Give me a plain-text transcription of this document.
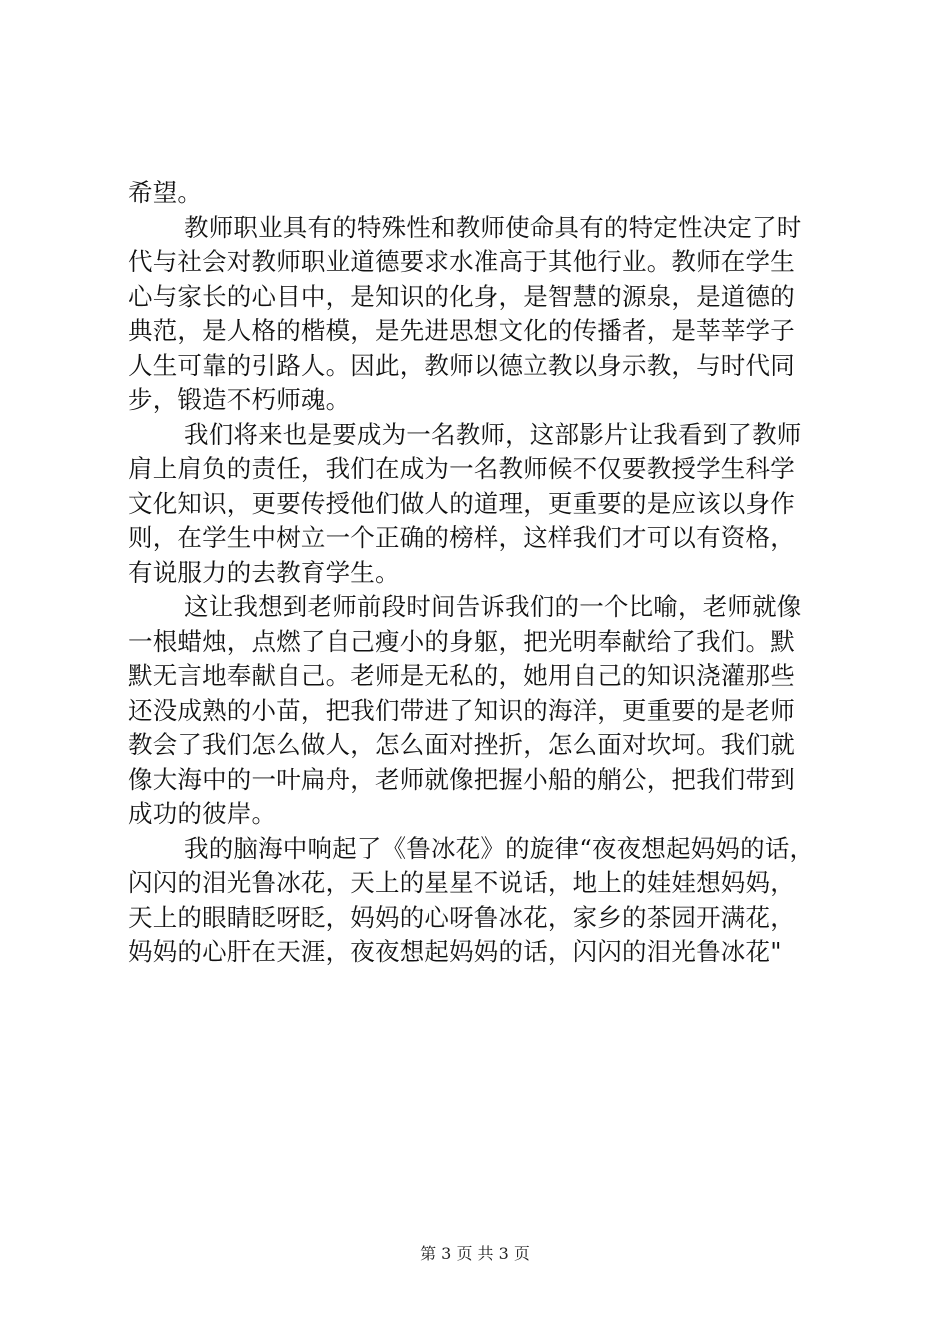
希望。
教师职业具有的特殊性和教师使命具有的特定性决定了时
代与社会对教师职业道德要求水准高于其他行业。教师在学生
心与家长的心目中，是知识的化身，是智慧的源泉，是道德的
典范，是人格的楷模，是先进思想文化的传播者，是莘莘学子
人生可靠的引路人。因此，教师以德立教以身示教，与时代同
步，锻造不朽师魂。
我们将来也是要成为一名教师，这部影片让我看到了教师
肩上肩负的责任，我们在成为一名教师候不仅要教授学生科学
文化知识，更要传授他们做人的道理，更重要的是应该以身作
则，在学生中树立一个正确的榜样，这样我们才可以有资格，
有说服力的去教育学生。
这让我想到老师前段时间告诉我们的一个比喻，老师就像
一根蜡烛，点燃了自己瘦小的身躯，把光明奉献给了我们。默
默无言地奉献自己。老师是无私的，她用自己的知识浇灌那些
还没成熟的小苗，把我们带进了知识的海洋，更重要的是老师
教会了我们怎么做人，怎么面对挫折，怎么面对坎坷。我们就
像大海中的一叶扁舟，老师就像把握小船的艄公，把我们带到
成功的彼岸。
我的脑海中响起了《鲁冰花》的旋律“夜夜想起妈妈的话，
闪闪的泪光鲁冰花，天上的星星不说话，地上的娃娃想妈妈，
天上的眼睛眨呀眨，妈妈的心呀鲁冰花，家乡的茶园开满花，
妈妈的心肝在天涯，夜夜想起妈妈的话，闪闪的泪光鲁冰花"
第 3 页 共 3 页
